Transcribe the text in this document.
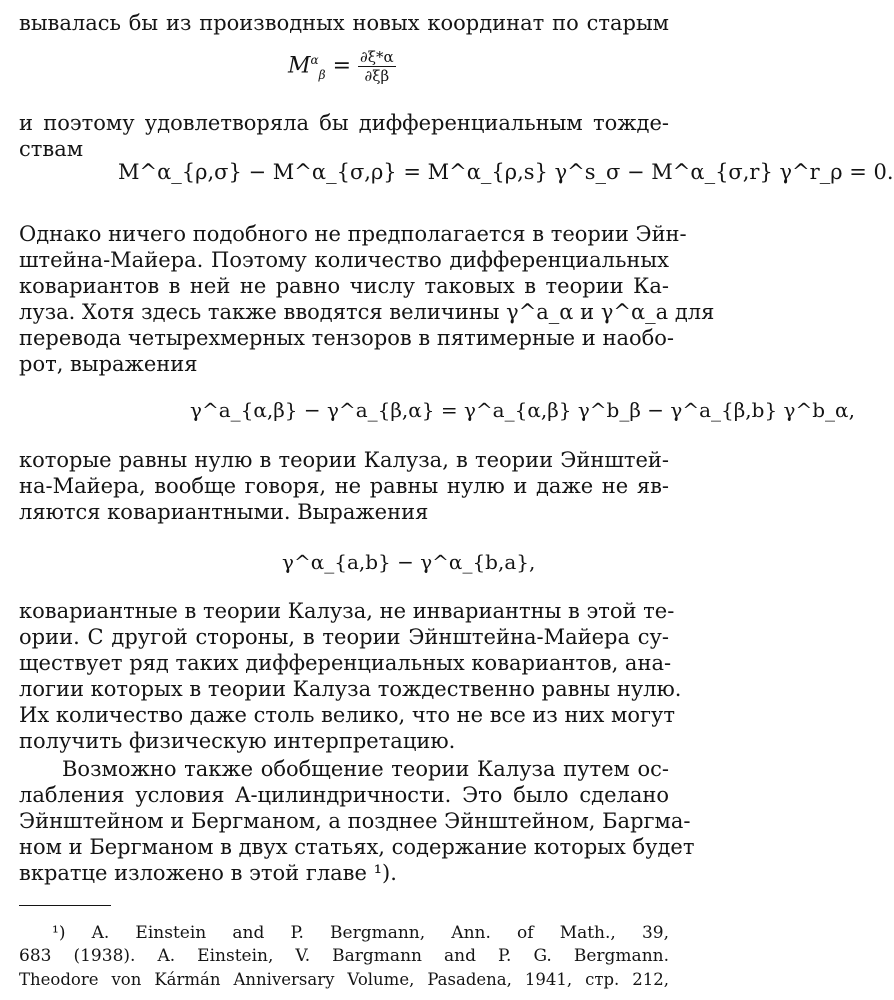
вывалась бы из производных новых координат по старым
$M^\alpha_\beta = \frac{\partial\xi*\alpha}{\partial\xi\beta}$
и поэтому удовлетворяла бы дифференциальным тожде-
ствам
M^α_{ρ,σ} − M^α_{σ,ρ} = M^α_{ρ,s} γ^s_σ − M^α_{σ,r} γ^r_ρ = 0.
Однако ничего подобного не предполагается в теории Эйн-
штейна-Майера. Поэтому количество дифференциальных
ковариантов в ней не равно числу таковых в теории Ка-
луза. Хотя здесь также вводятся величины γ^a_α и γ^α_a для
перевода четырехмерных тензоров в пятимерные и наобо-
рот, выражения
γ^a_{α,β} − γ^a_{β,α} = γ^a_{α,β} γ^b_β − γ^a_{β,b} γ^b_α,
которые равны нулю в теории Калуза, в теории Эйнштей-
на-Майера, вообще говоря, не равны нулю и даже не яв-
ляются ковариантными. Выражения
γ^α_{a,b} − γ^α_{b,a},
ковариантные в теории Калуза, не инвариантны в этой те-
ории. С другой стороны, в теории Эйнштейна-Майера су-
ществует ряд таких дифференциальных ковариантов, ана-
логии которых в теории Калуза тождественно равны нулю.
Их количество даже столь велико, что не все из них могут
получить физическую интерпретацию.
Возможно также обобщение теории Калуза путем ос-
лабления условия A-цилиндричности. Это было сделано
Эйнштейном и Бергманом, а позднее Эйнштейном, Баргма-
ном и Бергманом в двух статьях, содержание которых будет
вкратце изложено в этой главе ¹).
¹) A. Einstein and P. Bergmann, Ann. of Math., 39,
683 (1938). A. Einstein, V. Bargmann and P. G. Bergmann.
Theodore von Kármán Anniversary Volume, Pasadena, 1941, стр. 212,
